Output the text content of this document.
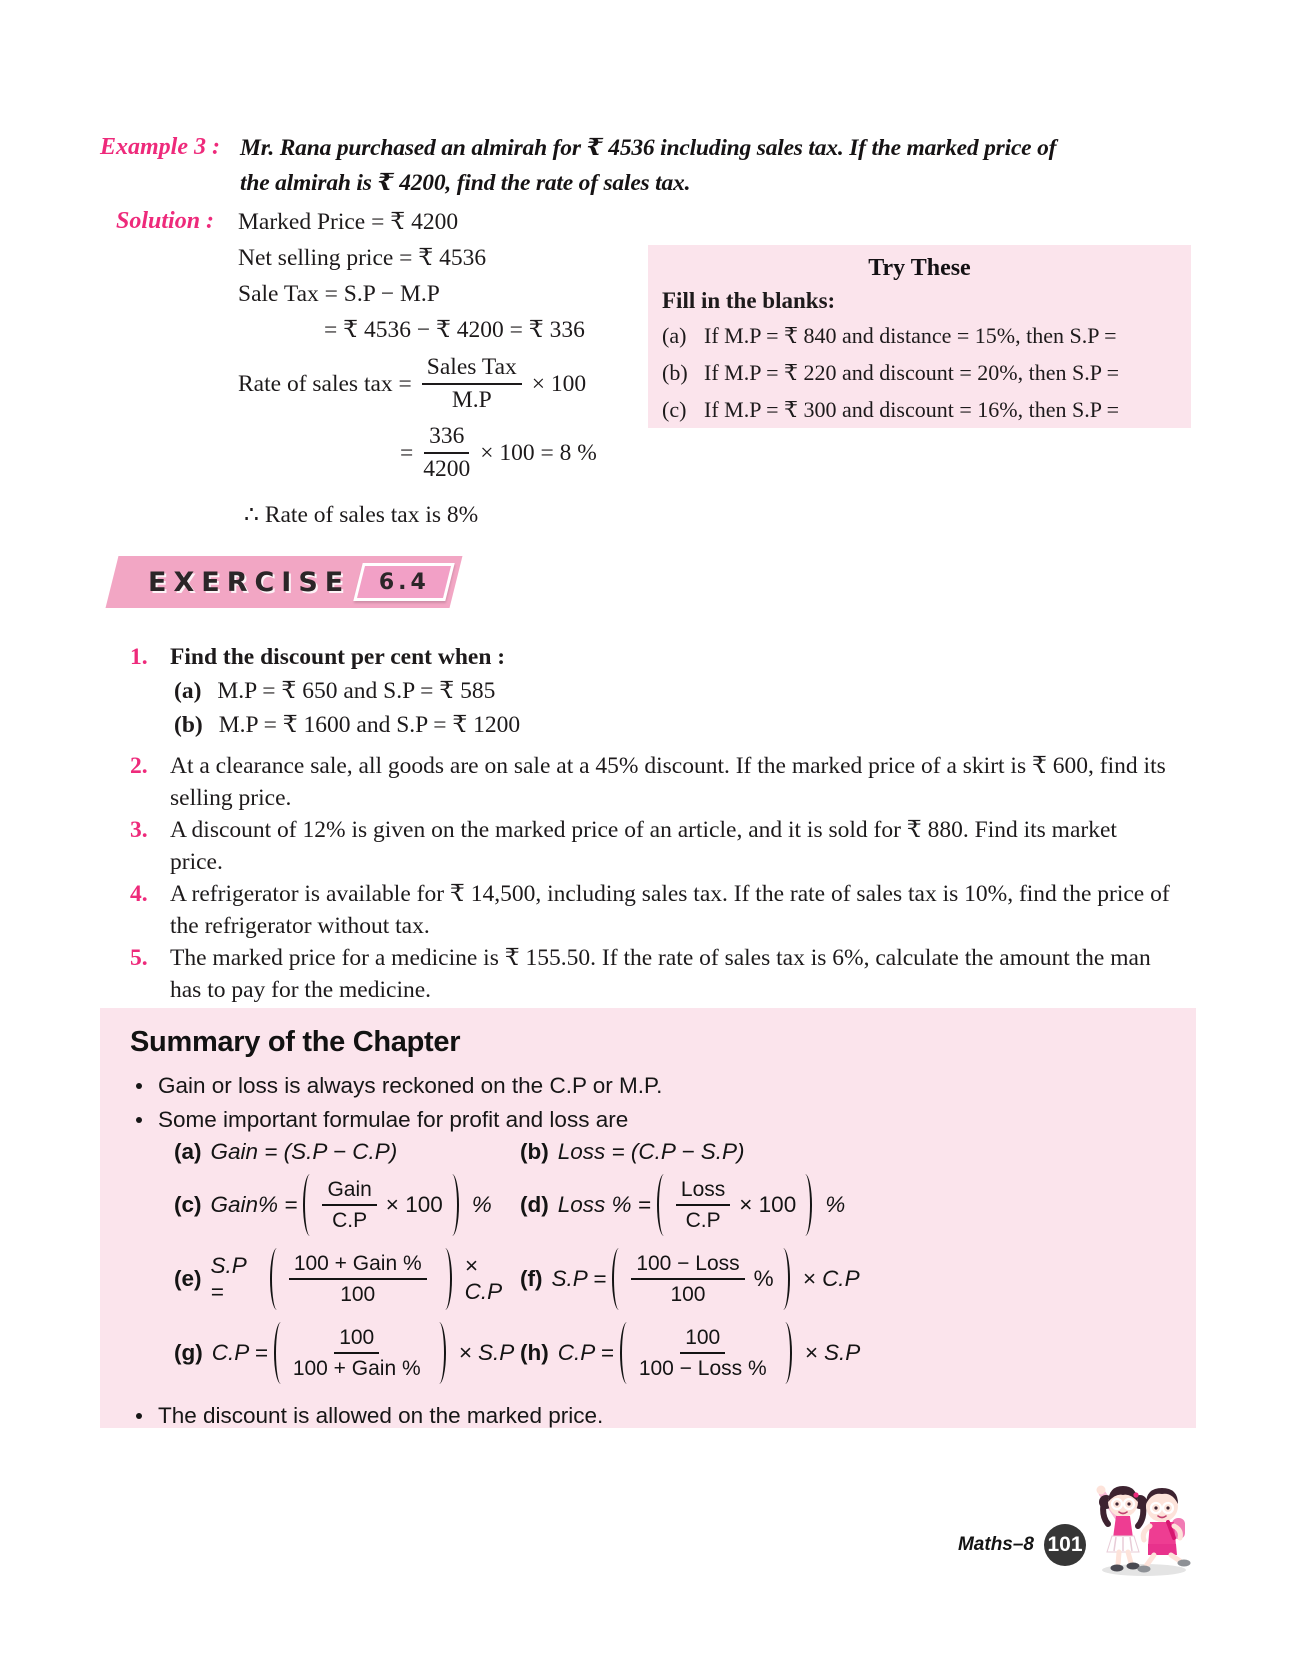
Example 3 : Mr. Rana purchased an almirah for ₹ 4536 including sales tax. If the marked price of
the almirah is ₹ 4200, find the rate of sales tax.
Solution : Marked Price = ₹ 4200
Net selling price = ₹ 4536
Sale Tax = S.P − M.P
= ₹ 4536 − ₹ 4200 = ₹ 336
Rate of sales tax = $\frac{\text{Sales Tax}}{M.P} \times 100$
= $\frac{336}{4200} \times 100 = 8$ %
∴ Rate of sales tax is 8%
Try These
Fill in the blanks:
(a) If M.P = ₹ 840 and distance = 15%, then S.P =
(b) If M.P = ₹ 220 and discount = 20%, then S.P =
(c) If M.P = ₹ 300 and discount = 16%, then S.P =
EXERCISE 6.4
1. Find the discount per cent when :
(a) M.P = ₹ 650 and S.P = ₹ 585
(b) M.P = ₹ 1600 and S.P = ₹ 1200
2. At a clearance sale, all goods are on sale at a 45% discount. If the marked price of a skirt is ₹ 600, find its selling price.
3. A discount of 12% is given on the marked price of an article, and it is sold for ₹ 880. Find its market price.
4. A refrigerator is available for ₹ 14,500, including sales tax. If the rate of sales tax is 10%, find the price of the refrigerator without tax.
5. The marked price for a medicine is ₹ 155.50. If the rate of sales tax is 6%, calculate the amount the man has to pay for the medicine.
Summary of the Chapter
Gain or loss is always reckoned on the C.P or M.P.
Some important formulae for profit and loss are
(a) Gain = (S.P − C.P)	(b) Loss = (C.P − S.P)
(c) Gain% =
Gain
C.P
× 100 % (d) Loss % =
Loss
C.P
× 100 %
(e)
S.P =
100 + Gain %
100
× C.P
(f) S.P =
100 − Loss
100
% × C.P
(g) C.P =
100
100 + Gain %
× S.P (h) C.P =
100
100 − Loss %
× S.P
The discount is allowed on the marked price.
Maths–8 101
